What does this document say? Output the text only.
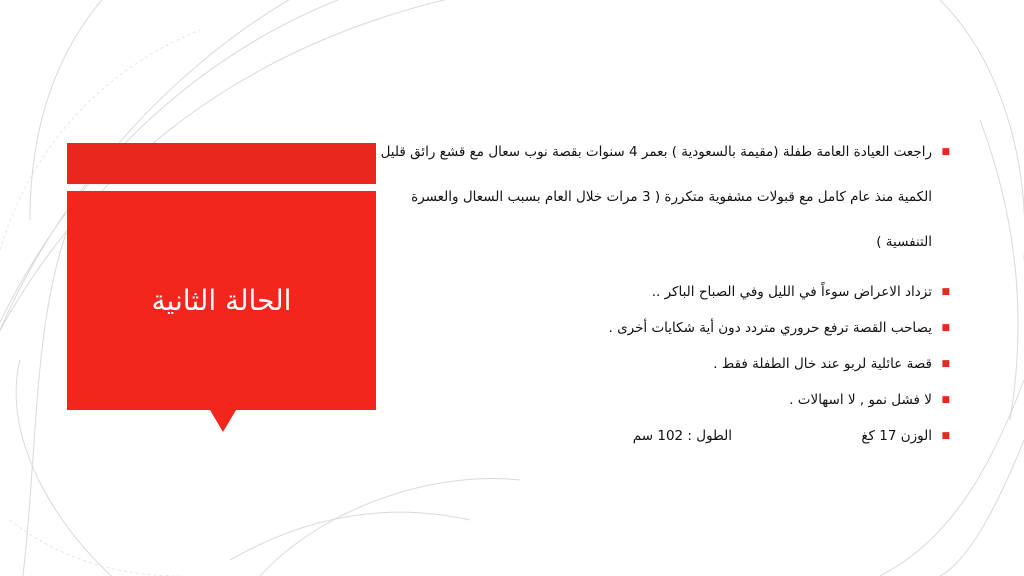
الحالة الثانية
■
راجعت العيادة العامة طفلة (مقيمة بالسعودية ) بعمر 4 سنوات بقصة نوب سعال مع قشع رائق قليل الكمية منذ عام كامل مع قبولات مشفوية متكررة ( 3 مرات خلال العام بسبب السعال والعسرة التنفسية )
■
تزداد الاعراض سوءاً في الليل وفي الصباح الباكر ..
■
يصاحب القصة ترفع حروري متردد دون أية شكايات أخرى .
■
قصة عائلية لربو عند خال الطفلة فقط .
■
لا فشل نمو , لا اسهالات .
■
الوزن 17 كغ
الطول : 102 سم
